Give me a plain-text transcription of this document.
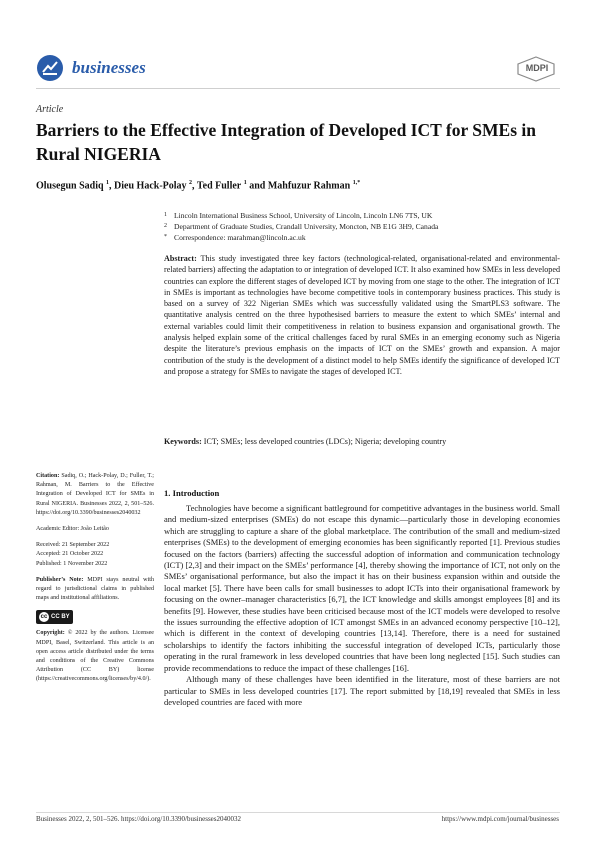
businesses	MDPI
Article
Barriers to the Effective Integration of Developed ICT for SMEs in Rural NIGERIA
Olusegun Sadiq $^1$, Dieu Hack-Polay $^2$, Ted Fuller $^1$ and Mahfuzur Rahman $^{1,*}$
1 Lincoln International Business School, University of Lincoln, Lincoln LN6 7TS, UK
2 Department of Graduate Studies, Crandall University, Moncton, NB E1G 3H9, Canada
* Correspondence: marahman@lincoln.ac.uk
Abstract: This study investigated three key factors (technological-related, organisational-related and environmental-related barriers) affecting the adaptation to or integration of developed ICT. It also examined how SMEs in less developed countries can explore the different stages of developed ICT by moving from one stage to the other. The integration of ICT in SMEs is important as technologies have become competitive tools in contemporary business practices. This study is based on a survey of 322 Nigerian SMEs which was successfully validated using the SmartPLS3 software. The quantitative analysis centred on the three hypothesised barriers to measure the extent to which SMEs’ internal and external variables could limit their competitiveness in relation to business expansion and organisational growth. The analysis helped explain some of the critical challenges faced by rural SMEs in an emerging economy such as Nigeria despite the literature’s previous emphasis on the impacts of ICT on the SMEs’ growth and expansion. A major contribution of the study is the development of a distinct model to help SMEs identify the significance of developed ICT and propose a strategy for SMEs to navigate the stages of developed ICT.
Keywords: ICT; SMEs; less developed countries (LDCs); Nigeria; developing country
Citation: Sadiq, O.; Hack-Polay, D.; Fuller, T.; Rahman, M. Barriers to the Effective Integration of Developed ICT for SMEs in Rural NIGERIA. Businesses 2022, 2, 501–526. https://doi.org/10.3390/businesses2040032
Academic Editor: João Leitão
Received: 21 September 2022
Accepted: 21 October 2022
Published: 1 November 2022
Publisher’s Note: MDPI stays neutral with regard to jurisdictional claims in published maps and institutional affiliations.
cc CC BY
Copyright: © 2022 by the authors. Licensee MDPI, Basel, Switzerland. This article is an open access article distributed under the terms and conditions of the Creative Commons Attribution (CC BY) license (https://creativecommons.org/licenses/by/4.0/).
1. Introduction

Technologies have become a significant battleground for competitive advantages in the business world. Small and medium-sized enterprises (SMEs) do not escape this dynamic—particularly those in developing economies which are struggling to capture a share of the global marketplace. The contribution of the small and medium-sized enterprises (SMEs) to the development of emerging economies has been significantly reported [1]. Previous studies focused on the factors (barriers) affecting the successful adoption of information and communication technology (ICT) [2,3] and their impact on the SMEs’ performance [4], thereby showing the importance of ICT, not only on the SMEs’ organisational performance, but also the impact it has on their business expansion within and outside the local market [5]. There have been calls for small businesses to adopt ICTs into their organisational framework by focusing on the owner–manager characteristics [6,7], the ICT knowledge and skills amongst employees [8] and its benefits [9]. However, these studies have been criticised because most of the ICT models were developed to resolve the issues surrounding the effective adoption of ICT amongst SMEs in an advanced economy perspective [10–12], which is different in the context of developing countries [13,14]. Therefore, there is a need for sustained scholarships to identify the factors inhibiting the successful integration of developed ICTs, particularly those operating in the rural framework in less developed countries that have been long neglected [15]. Such studies can provide recommendations to reduce the impact of these challenges [16].

Although many of these challenges have been identified in the literature, most of these barriers are not particular to SMEs in less developed countries [17]. The report submitted by [18,19] revealed that SMEs in less developed countries are faced with more

Businesses 2022, 2, 501–526. https://doi.org/10.3390/businesses2040032	https://www.mdpi.com/journal/businesses
